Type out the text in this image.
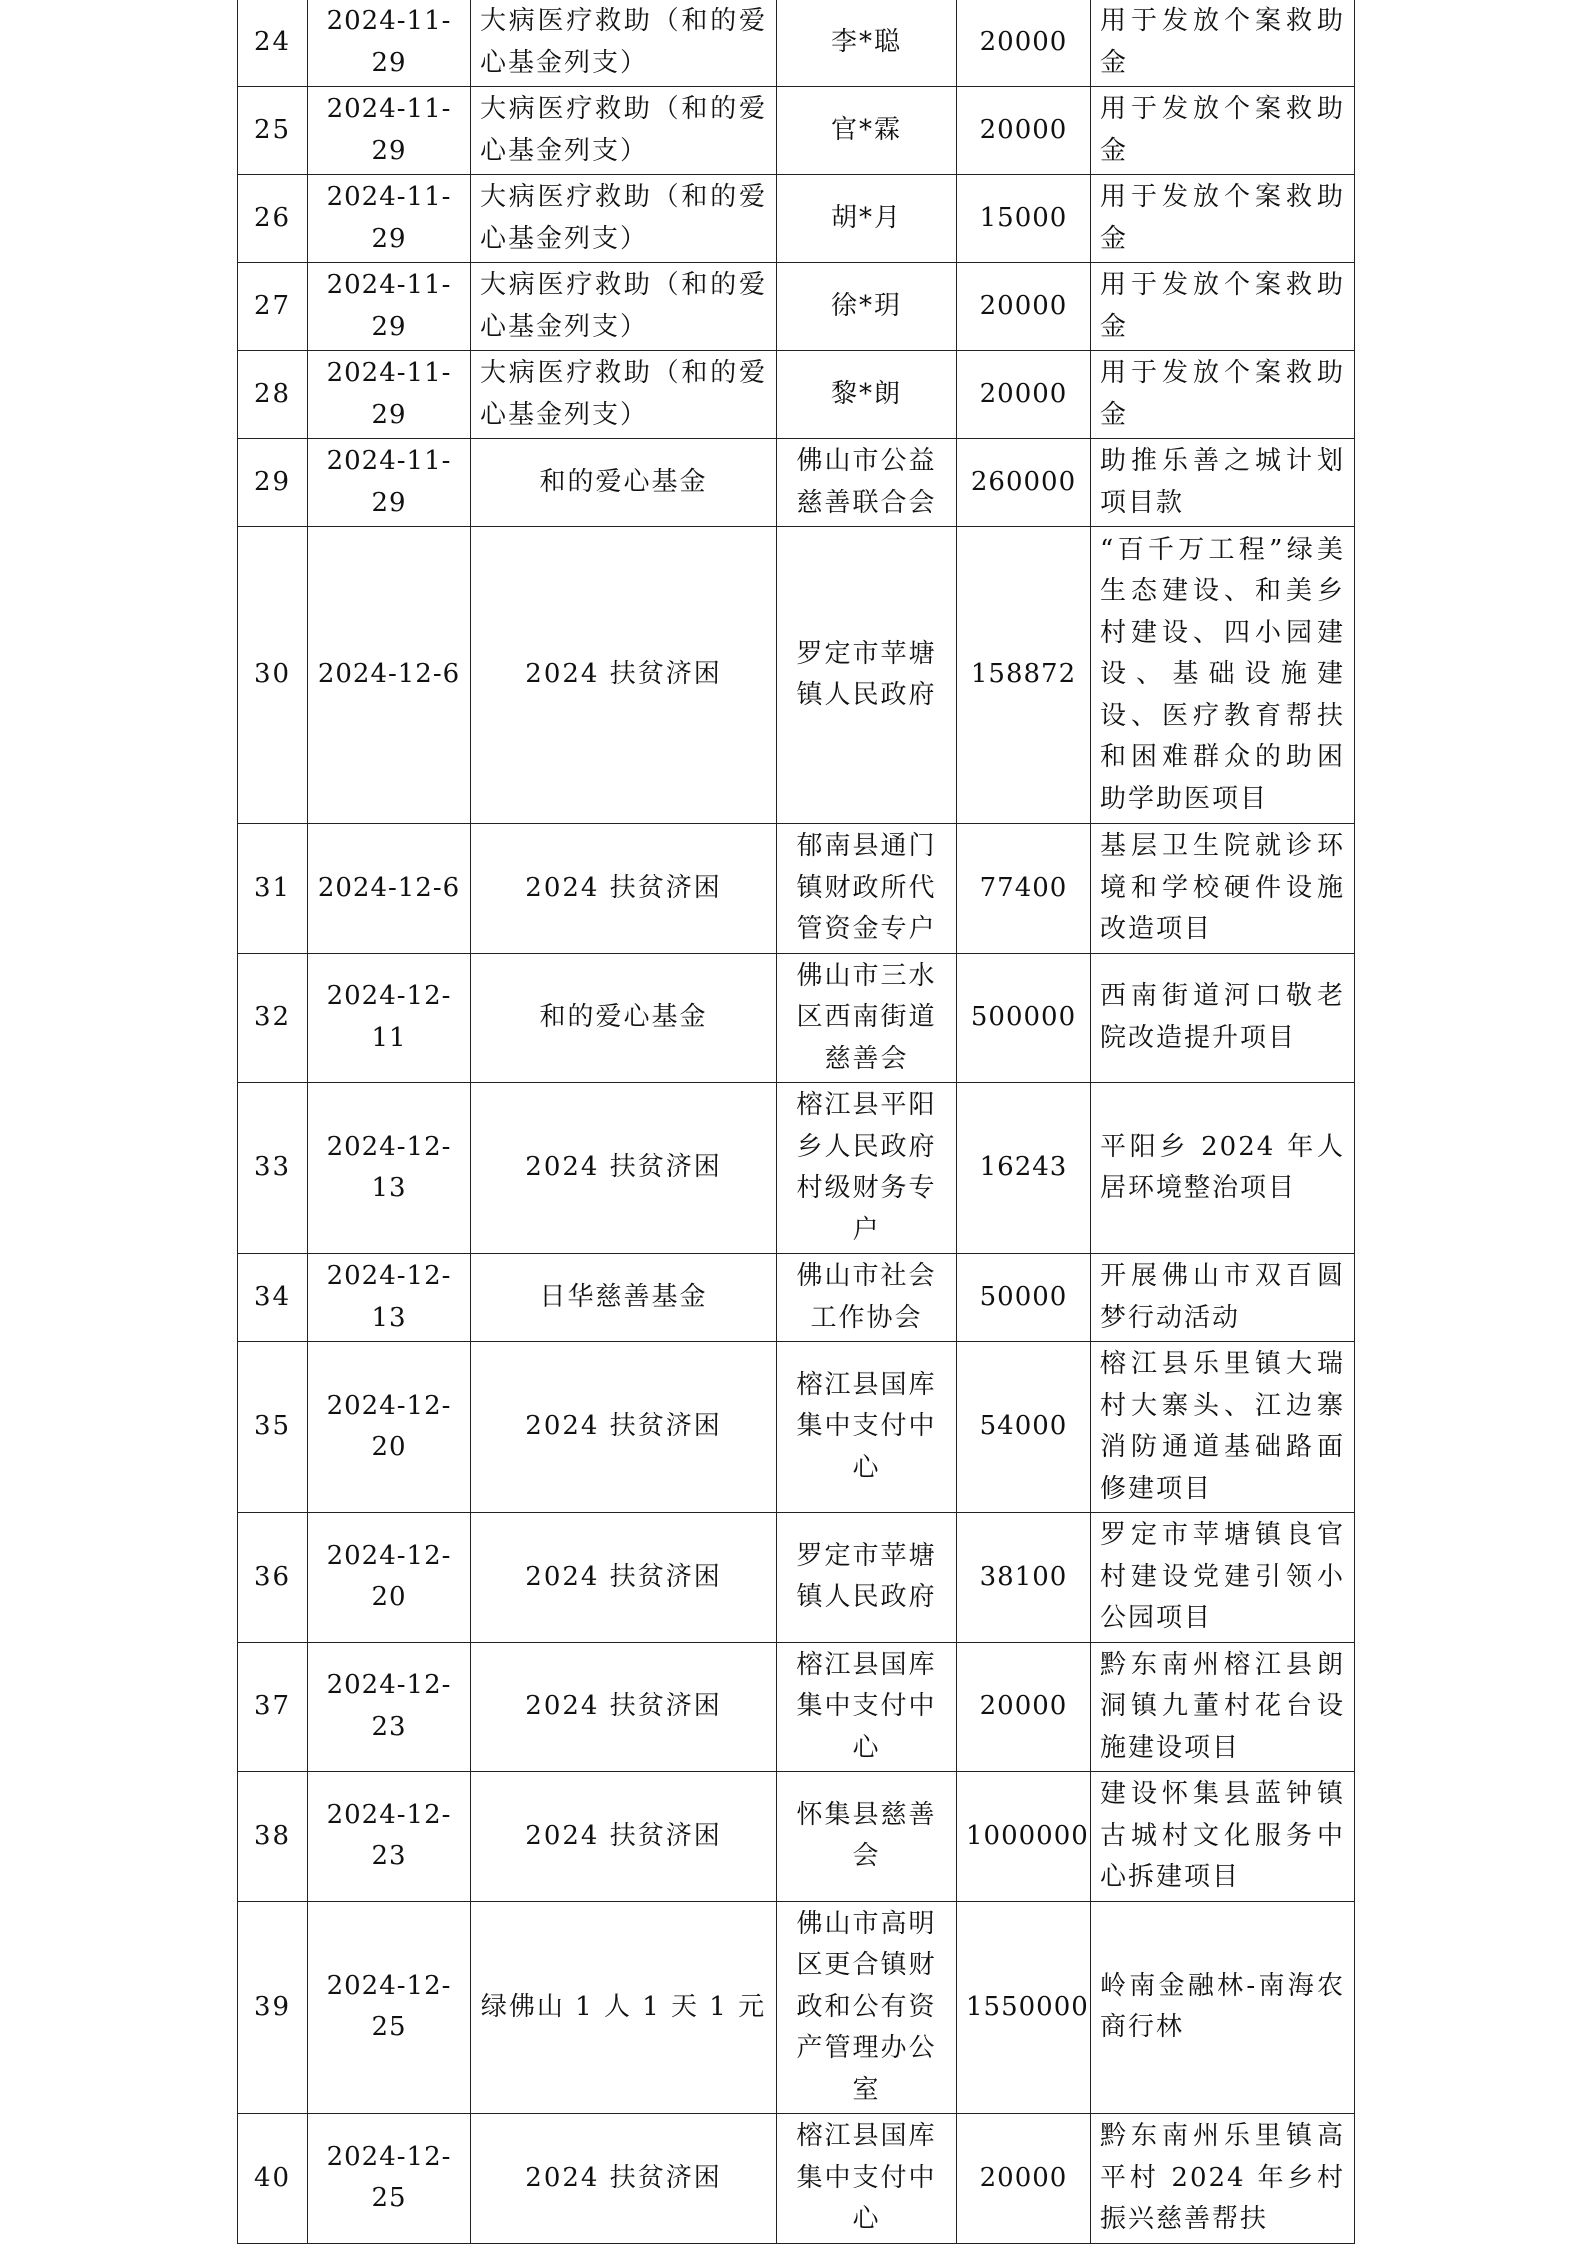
24	2024-11-29	大病医疗救助（和的爱心基金列支）	李*聪	20000	用于发放个案救助金
25	2024-11-29	大病医疗救助（和的爱心基金列支）	官*霖	20000	用于发放个案救助金
26	2024-11-29	大病医疗救助（和的爱心基金列支）	胡*月	15000	用于发放个案救助金
27	2024-11-29	大病医疗救助（和的爱心基金列支）	徐*玥	20000	用于发放个案救助金
28	2024-11-29	大病医疗救助（和的爱心基金列支）	黎*朗	20000	用于发放个案救助金
29	2024-11-29	和的爱心基金	佛山市公益慈善联合会	260000	助推乐善之城计划项目款
30	2024-12-6	2024 扶贫济困	罗定市苹塘镇人民政府	158872	“百千万工程”绿美生态建设、和美乡村建设、四小园建设、基础设施建设、医疗教育帮扶和困难群众的助困助学助医项目
31	2024-12-6	2024 扶贫济困	郁南县通门镇财政所代管资金专户	77400	基层卫生院就诊环境和学校硬件设施改造项目
32	2024-12-11	和的爱心基金	佛山市三水区西南街道慈善会	500000	西南街道河口敬老院改造提升项目
33	2024-12-13	2024 扶贫济困	榕江县平阳乡人民政府村级财务专户	16243	平阳乡 2024 年人居环境整治项目
34	2024-12-13	日华慈善基金	佛山市社会工作协会	50000	开展佛山市双百圆梦行动活动
35	2024-12-20	2024 扶贫济困	榕江县国库集中支付中心	54000	榕江县乐里镇大瑞村大寨头、江边寨消防通道基础路面修建项目
36	2024-12-20	2024 扶贫济困	罗定市苹塘镇人民政府	38100	罗定市苹塘镇良官村建设党建引领小公园项目
37	2024-12-23	2024 扶贫济困	榕江县国库集中支付中心	20000	黔东南州榕江县朗洞镇九董村花台设施建设项目
38	2024-12-23	2024 扶贫济困	怀集县慈善会	1000000	建设怀集县蓝钟镇古城村文化服务中心拆建项目
39	2024-12-25	绿佛山 1 人 1 天 1 元	佛山市高明区更合镇财政和公有资产管理办公室	1550000	岭南金融林-南海农商行林
40	2024-12-25	2024 扶贫济困	榕江县国库集中支付中心	20000	黔东南州乐里镇高平村 2024 年乡村振兴慈善帮扶
